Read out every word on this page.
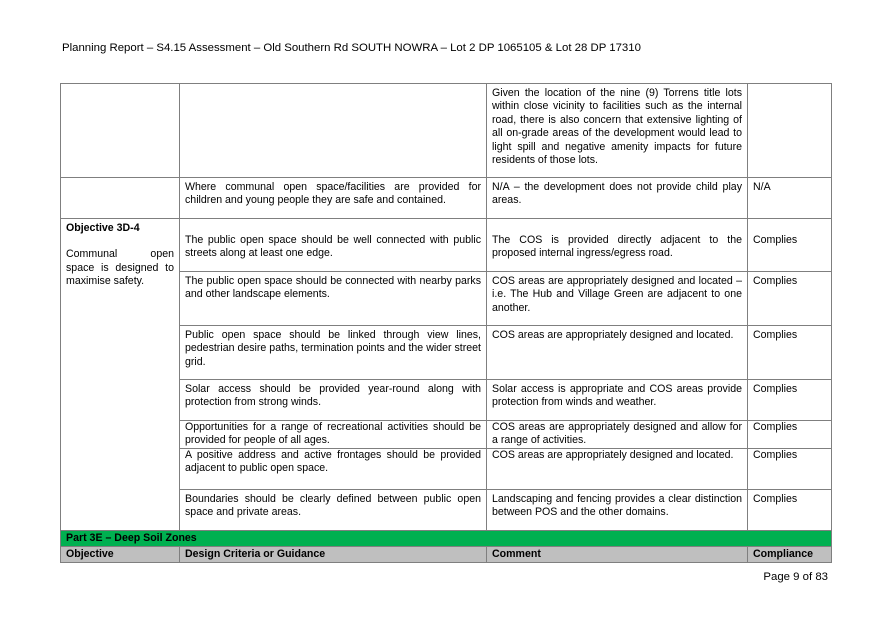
Planning Report – S4.15 Assessment – Old Southern Rd SOUTH NOWRA – Lot 2 DP 1065105 & Lot 28 DP 17310
		Given the location of the nine (9) Torrens title lots within close vicinity to facilities such as the internal road, there is also concern that extensive lighting of all on-grade areas of the development would lead to light spill and negative amenity impacts for future residents of those lots.	
	Where communal open space/facilities are provided for children and young people they are safe and contained.	N/A – the development does not provide child play areas.	N/A

Objective 3D-4
Communal open space is designed to maximise safety.	The public open space should be well connected with public streets along at least one edge.	The COS is provided directly adjacent to the proposed internal ingress/egress road.	Complies
	The public open space should be connected with nearby parks and other landscape elements.	COS areas are appropriately designed and located – i.e. The Hub and Village Green are adjacent to one another.	Complies
	Public open space should be linked through view lines, pedestrian desire paths, termination points and the wider street grid.	COS areas are appropriately designed and located.	Complies
	Solar access should be provided year-round along with protection from strong winds.	Solar access is appropriate and COS areas provide protection from winds and weather.	Complies
	Opportunities for a range of recreational activities should be provided for people of all ages.	COS areas are appropriately designed and allow for a range of activities.	Complies
	A positive address and active frontages should be provided adjacent to public open space.	COS areas are appropriately designed and located.	Complies
	Boundaries should be clearly defined between public open space and private areas.	Landscaping and fencing provides a clear distinction between POS and the other domains.	Complies
Part 3E – Deep Soil Zones			
Objective	Design Criteria or Guidance	Comment	Compliance
Page 9 of 83
